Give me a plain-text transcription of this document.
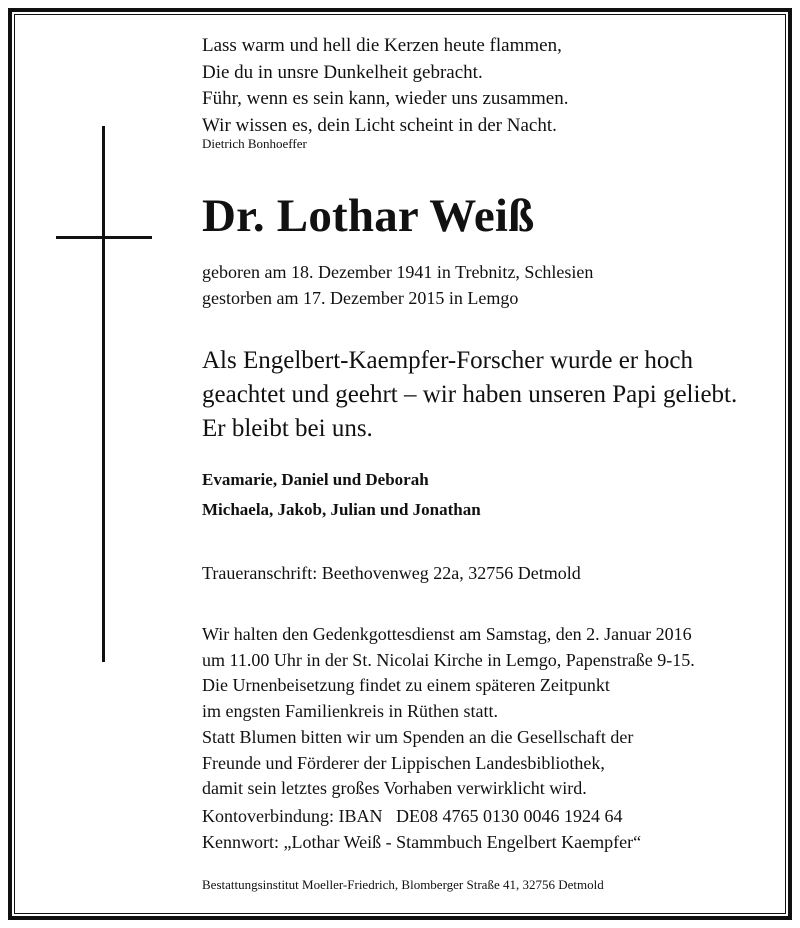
Lass warm und hell die Kerzen heute flammen,
Die du in unsre Dunkelheit gebracht.
Führ, wenn es sein kann, wieder uns zusammen.
Wir wissen es, dein Licht scheint in der Nacht.
Dietrich Bonhoeffer
Dr. Lothar Weiß
geboren am 18. Dezember 1941 in Trebnitz, Schlesien
gestorben am 17. Dezember 2015 in Lemgo
Als Engelbert-Kaempfer-Forscher wurde er hoch
geachtet und geehrt – wir haben unseren Papi geliebt.
Er bleibt bei uns.
Evamarie, Daniel und Deborah
Michaela, Jakob, Julian und Jonathan
Traueranschrift: Beethovenweg 22a, 32756 Detmold
Wir halten den Gedenkgottesdienst am Samstag, den 2. Januar 2016
um 11.00 Uhr in der St. Nicolai Kirche in Lemgo, Papenstraße 9-15.
Die Urnenbeisetzung findet zu einem späteren Zeitpunkt
im engsten Familienkreis in Rüthen statt.
Statt Blumen bitten wir um Spenden an die Gesellschaft der
Freunde und Förderer der Lippischen Landesbibliothek,
damit sein letztes großes Vorhaben verwirklicht wird.
Kontoverbindung: IBAN   DE08 4765 0130 0046 1924 64
Kennwort: „Lothar Weiß - Stammbuch Engelbert Kaempfer“
Bestattungsinstitut Moeller-Friedrich, Blomberger Straße 41, 32756 Detmold
